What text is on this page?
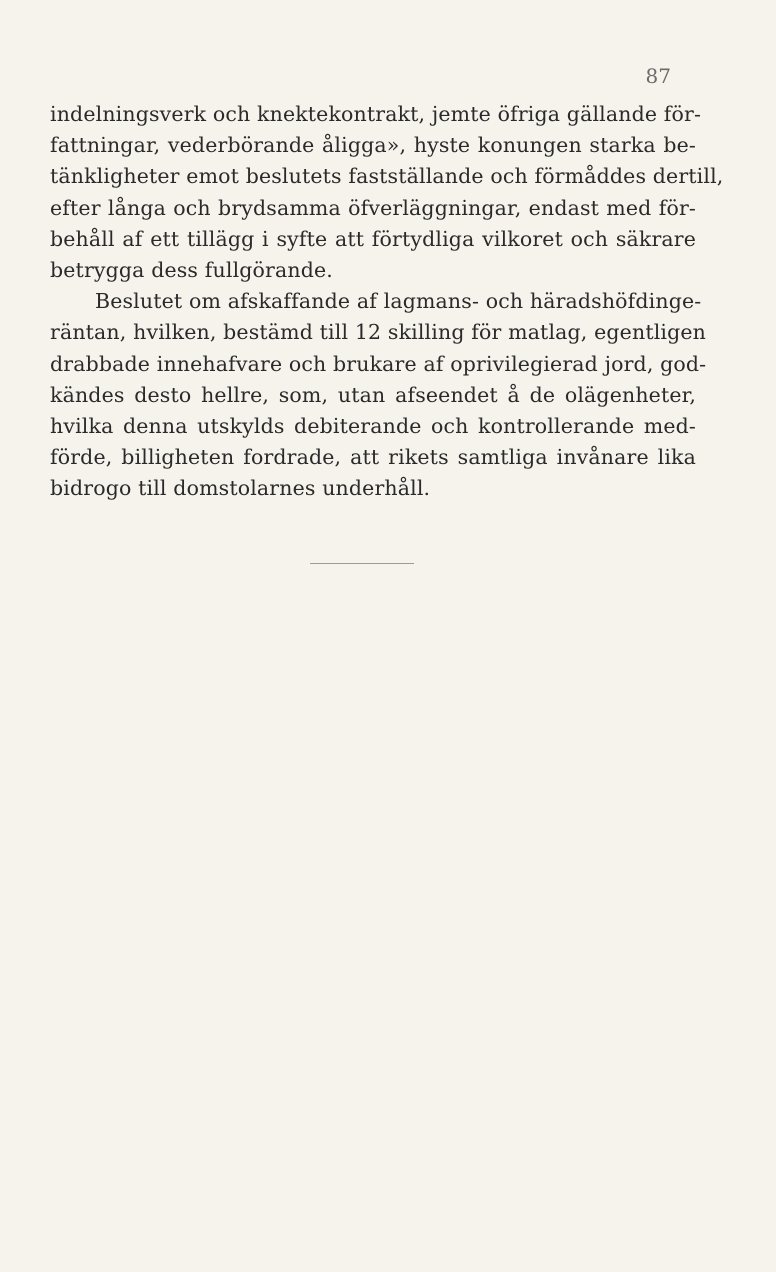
87
indelningsverk och knektekontrakt, jemte öfriga gällande för-
fattningar, vederbörande åligga», hyste konungen starka be-
tänkligheter emot beslutets fastställande och förmåddes dertill,
efter långa och brydsamma öfverläggningar, endast med för-
behåll af ett tillägg i syfte att förtydliga vilkoret och säkrare
betrygga dess fullgörande.
Beslutet om afskaffande af lagmans- och häradshöfdinge-
räntan, hvilken, bestämd till 12 skilling för matlag, egentligen
drabbade innehafvare och brukare af oprivilegierad jord, god-
kändes desto hellre, som, utan afseendet å de olägenheter,
hvilka denna utskylds debiterande och kontrollerande med-
förde, billigheten fordrade, att rikets samtliga invånare lika
bidrogo till domstolarnes underhåll.
